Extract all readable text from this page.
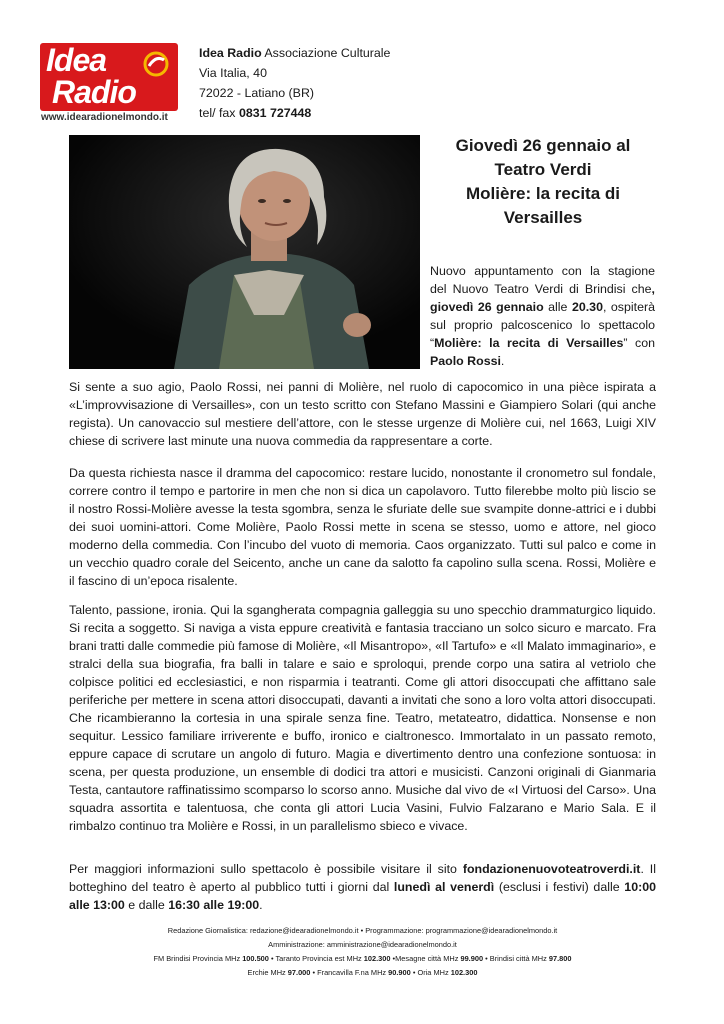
Idea
Radio
www.idearadionelmondo.it
Idea Radio Associazione Culturale
Via Italia, 40
72022 - Latiano (BR)
tel/ fax 0831 727448
Giovedì 26 gennaio al
Teatro Verdi
Molière: la recita di
Versailles

Nuovo appuntamento con la stagione del Nuovo Teatro Verdi di Brindisi che, giovedì 26 gennaio alle 20.30, ospiterà sul proprio palcoscenico lo spettacolo “Molière: la recita di Versailles” con Paolo Rossi.

Si sente a suo agio, Paolo Rossi, nei panni di Molière, nel ruolo di capocomico in una pièce ispirata a «L’improvvisazione di Versailles», con un testo scritto con Stefano Massini e Giampiero Solari (qui anche regista). Un canovaccio sul mestiere dell’attore, con le stesse urgenze di Molière cui, nel 1663, Luigi XIV chiese di scrivere last minute una nuova commedia da rappresentare a corte.

Da questa richiesta nasce il dramma del capocomico: restare lucido, nonostante il cronometro sul fondale, correre contro il tempo e partorire in men che non si dica un capolavoro. Tutto filerebbe molto più liscio se il nostro Rossi-Molière avesse la testa sgombra, senza le sfuriate delle sue svampite donne-attrici e i dubbi dei suoi uomini-attori. Come Molière, Paolo Rossi mette in scena se stesso, uomo e attore, nel gioco moderno della commedia. Con l’incubo del vuoto di memoria. Caos organizzato. Tutti sul palco e come in un vecchio quadro corale del Seicento, anche un cane da salotto fa capolino sulla scena. Rossi, Molière e il fascino di un’epoca risalente.

Talento, passione, ironia. Qui la sgangherata compagnia galleggia su uno specchio drammaturgico liquido. Si recita a soggetto. Si naviga a vista eppure creatività e fantasia tracciano un solco sicuro e marcato. Fra brani tratti dalle commedie più famose di Molière, «Il Misantropo», «Il Tartufo» e «Il Malato immaginario», e stralci della sua biografia, fra balli in talare e saio e sproloqui, prende corpo una satira al vetriolo che colpisce politici ed ecclesiastici, e non risparmia i teatranti. Come gli attori disoccupati che affittano sale periferiche per mettere in scena attori disoccupati, davanti a invitati che sono a loro volta attori disoccupati. Che ricambieranno la cortesia in una spirale senza fine. Teatro, metateatro, didattica. Nonsense e non sequitur. Lessico familiare irriverente e buffo, ironico e cialtronesco. Immortalato in un passato remoto, eppure capace di scrutare un angolo di futuro. Magia e divertimento dentro una confezione sontuosa: in scena, per questa produzione, un ensemble di dodici tra attori e musicisti. Canzoni originali di Gianmaria Testa, cantautore raffinatissimo scomparso lo scorso anno. Musiche dal vivo de «I Virtuosi del Carso». Una squadra assortita e talentuosa, che conta gli attori Lucia Vasini, Fulvio Falzarano e Mario Sala. E il rimbalzo continuo tra Molière e Rossi, in un parallelismo sbieco e vivace.

Per maggiori informazioni sullo spettacolo è possibile visitare il sito fondazionenuovoteatroverdi.it. Il botteghino del teatro è aperto al pubblico tutti i giorni dal lunedì al venerdì (esclusi i festivi) dalle 10:00 alle 13:00 e dalle 16:30 alle 19:00.

Redazione Giornalistica: redazione@idearadionelmondo.it • Programmazione: programmazione@idearadionelmondo.it
Amministrazione: amministrazione@idearadionelmondo.it
FM Brindisi Provincia MHz 100.500 • Taranto Provincia est MHz 102.300 •Mesagne città MHz 99.900 • Brindisi città MHz 97.800
Erchie MHz 97.000 • Francavilla F.na MHz 90.900 • Oria MHz 102.300
